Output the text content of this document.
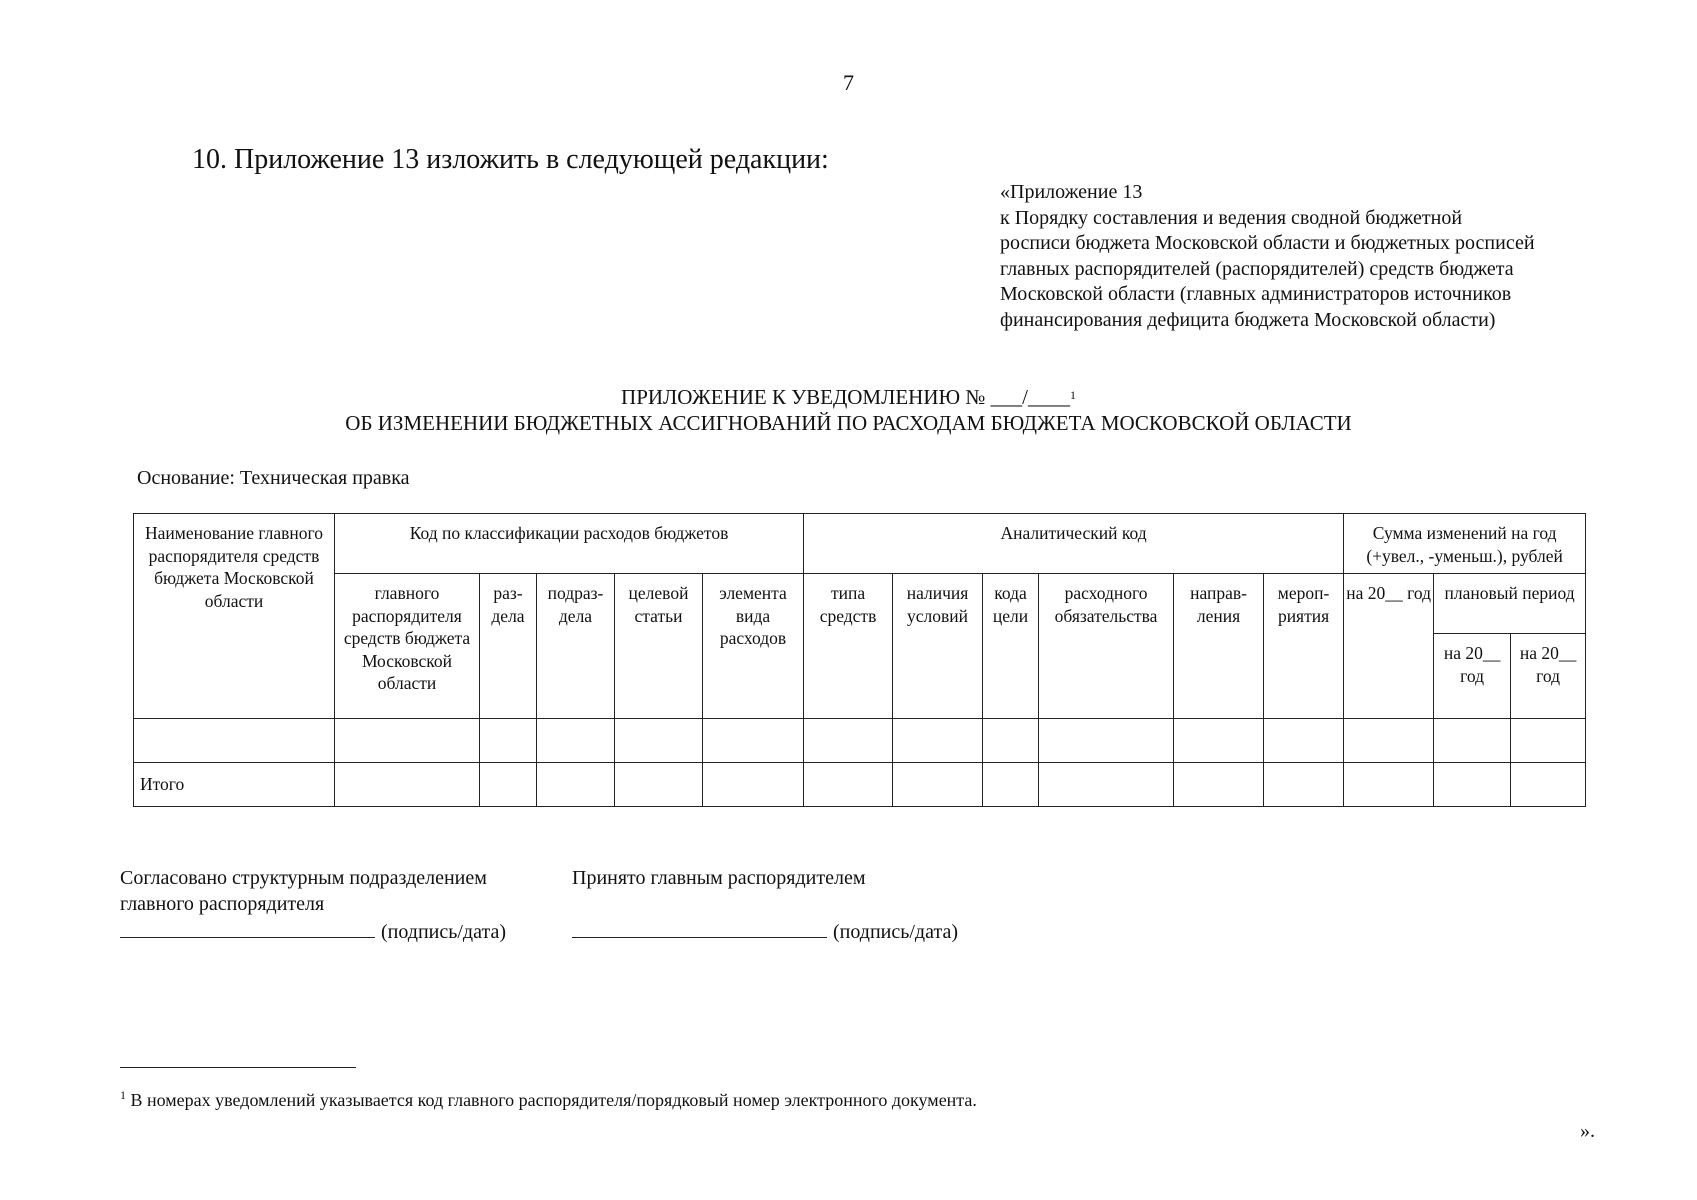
7
10. Приложение 13 изложить в следующей редакции:
«Приложение 13
к Порядку составления и ведения сводной бюджетной
росписи бюджета Московской области и бюджетных росписей
главных распорядителей (распорядителей) средств бюджета
Московской области (главных администраторов источников
финансирования дефицита бюджета Московской области)
ПРИЛОЖЕНИЕ К УВЕДОМЛЕНИЮ № ___/____$^1$
ОБ ИЗМЕНЕНИИ БЮДЖЕТНЫХ АССИГНОВАНИЙ ПО РАСХОДАМ БЮДЖЕТА МОСКОВСКОЙ ОБЛАСТИ
Основание: Техническая правка
Наименование главного распорядителя средств бюджета Московской области	Код по классификации расходов бюджетов					Аналитический код						Сумма изменений на год (+увел., -уменьш.), рублей		
	главного распорядителя средств бюджета Московской области	раз- дела	подраз- дела	целевой статьи	элемента вида расходов	типа средств	наличия условий	кода цели	расходного обязательства	направ- ления	мероп- риятия	на 20__ год	плановый период	
													на 20__ год	на 20__ год

Итого														
Согласовано структурным подразделением
главного распорядителя
(подпись/дата)
Принято главным распорядителем
(подпись/дата)
$^1$ В номерах уведомлений указывается код главного распорядителя/порядковый номер электронного документа.
».
